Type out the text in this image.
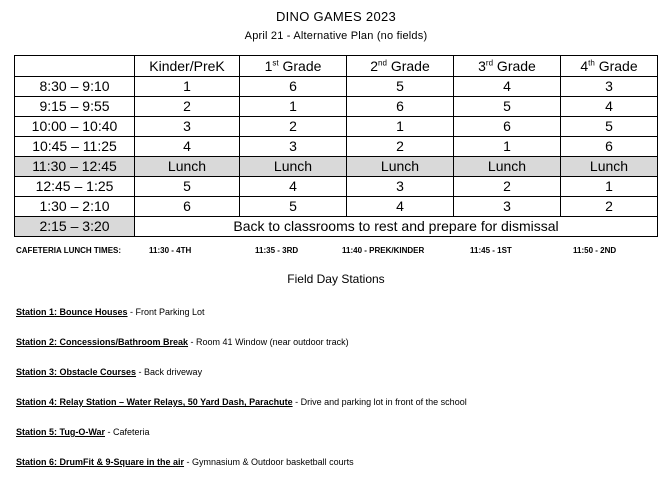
DINO GAMES 2023
April 21 - Alternative Plan (no fields)
	Kinder/PreK	1st Grade	2nd Grade	3rd Grade	4th Grade
8:30 – 9:10	1	6	5	4	3
9:15 – 9:55	2	1	6	5	4
10:00 – 10:40	3	2	1	6	5
10:45 – 11:25	4	3	2	1	6
11:30 – 12:45	Lunch	Lunch	Lunch	Lunch	Lunch
12:45 – 1:25	5	4	3	2	1
1:30 – 2:10	6	5	4	3	2
2:15 – 3:20	Back to classrooms to rest and prepare for dismissal				
CAFETERIA LUNCH TIMES:	11:30 - 4TH	11:35 - 3RD	11:40 - PREK/KINDER	11:45 - 1ST	11:50 - 2ND
Field Day Stations
Station 1: Bounce Houses - Front Parking Lot
Station 2: Concessions/Bathroom Break - Room 41 Window (near outdoor track)
Station 3: Obstacle Courses - Back driveway
Station 4: Relay Station – Water Relays, 50 Yard Dash, Parachute - Drive and parking lot in front of the school
Station 5: Tug-O-War - Cafeteria
Station 6: DrumFit & 9-Square in the air - Gymnasium & Outdoor basketball courts
